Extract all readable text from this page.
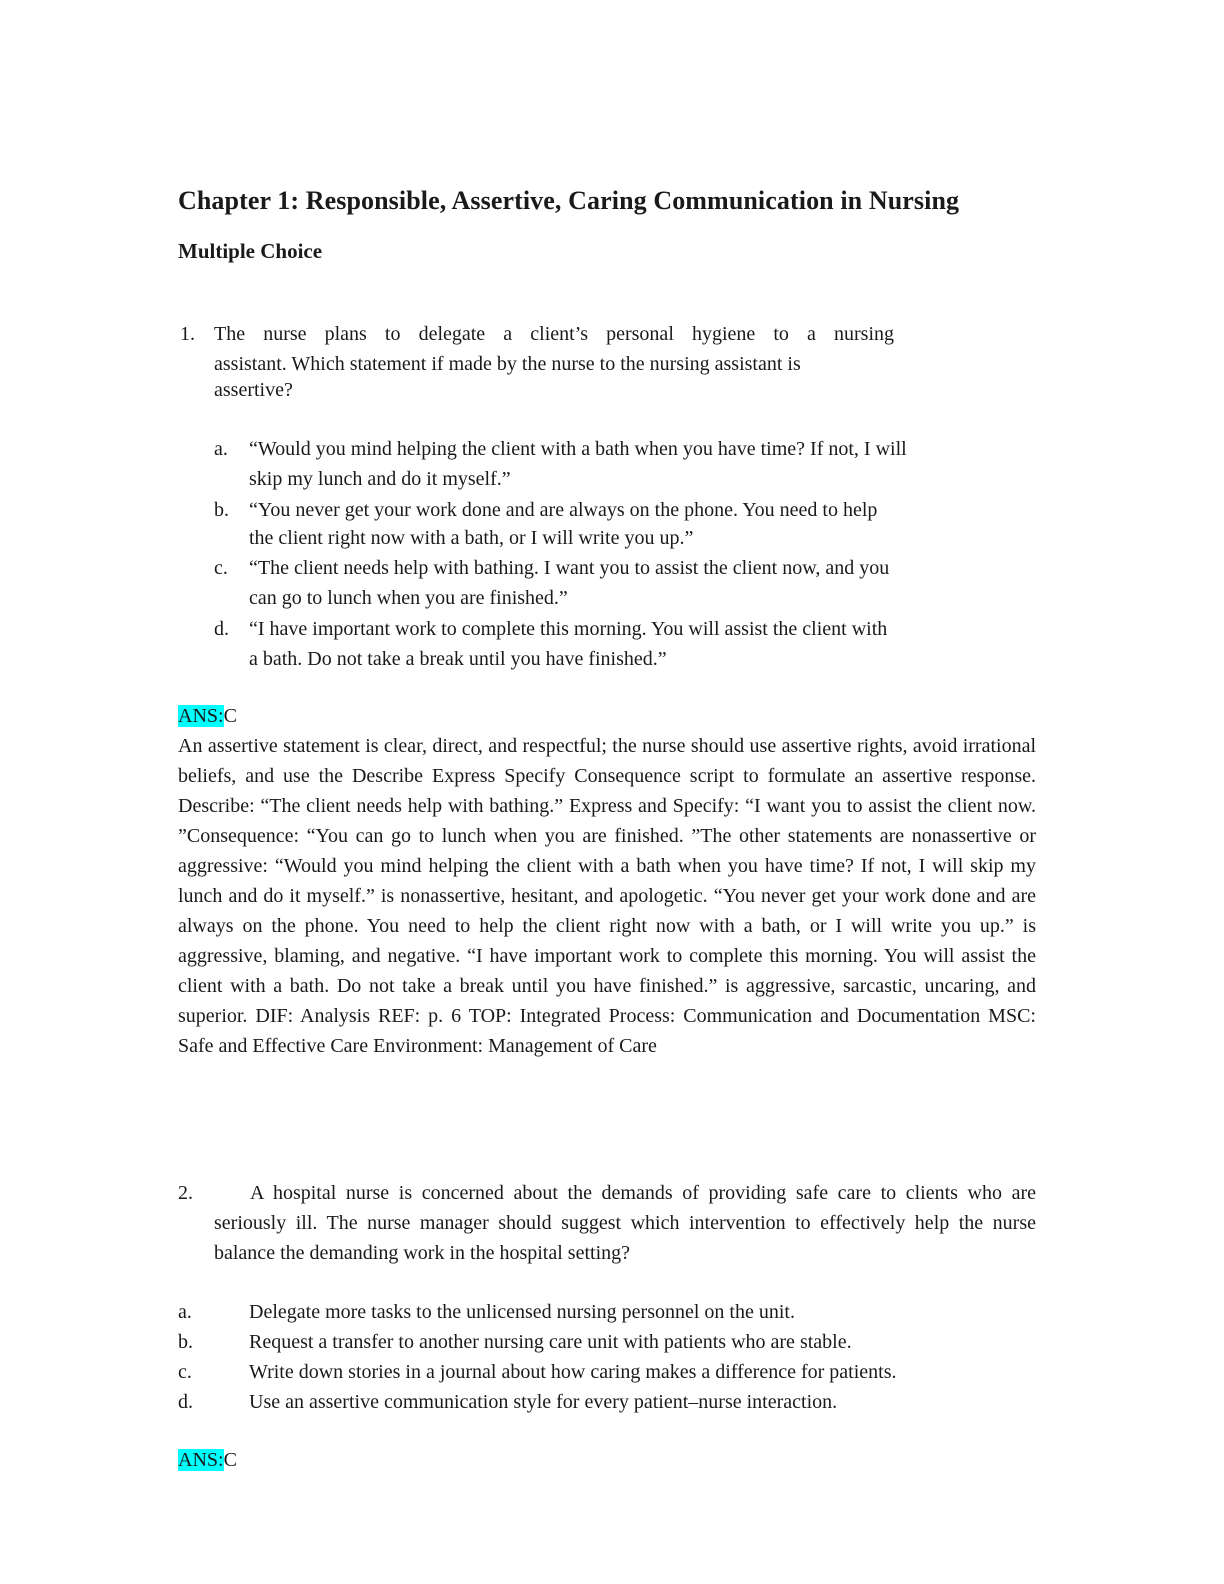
Chapter 1: Responsible, Assertive, Caring Communication in Nursing
Multiple Choice
1. The nurse plans to delegate a client’s personal hygiene to a nursing
assistant. Which statement if made by the nurse to the nursing assistant is
assertive?
a. “Would you mind helping the client with a bath when you have time? If not, I will
skip my lunch and do it myself.”
b. “You never get your work done and are always on the phone. You need to help
the client right now with a bath, or I will write you up.”
c. “The client needs help with bathing. I want you to assist the client now, and you
can go to lunch when you are finished.”
d. “I have important work to complete this morning. You will assist the client with
a bath. Do not take a break until you have finished.”
ANS:C
An assertive statement is clear, direct, and respectful; the nurse should use assertive rights, avoid irrational beliefs, and use the Describe Express Specify Consequence script to formulate an assertive response. Describe: “The client needs help with bathing.” Express and Specify: “I want you to assist the client now. ”Consequence: “You can go to lunch when you are finished. ”The other statements are nonassertive or aggressive: “Would you mind helping the client with a bath when you have time? If not, I will skip my lunch and do it myself.” is nonassertive, hesitant, and apologetic. “You never get your work done and are always on the phone. You need to help the client right now with a bath, or I will write you up.” is aggressive, blaming, and negative. “I have important work to complete this morning. You will assist the client with a bath. Do not take a break until you have finished.” is aggressive, sarcastic, uncaring, and superior. DIF: Analysis REF: p. 6 TOP: Integrated Process: Communication and Documentation MSC: Safe and Effective Care Environment: Management of Care
2.	A hospital nurse is concerned about the demands of providing safe care to clients who are seriously ill. The nurse manager should suggest which intervention to effectively help the nurse balance the demanding work in the hospital setting?
a.	Delegate more tasks to the unlicensed nursing personnel on the unit.
b.	Request a transfer to another nursing care unit with patients who are stable.
c.	Write down stories in a journal about how caring makes a difference for patients.
d.	Use an assertive communication style for every patient–nurse interaction.
ANS:C
